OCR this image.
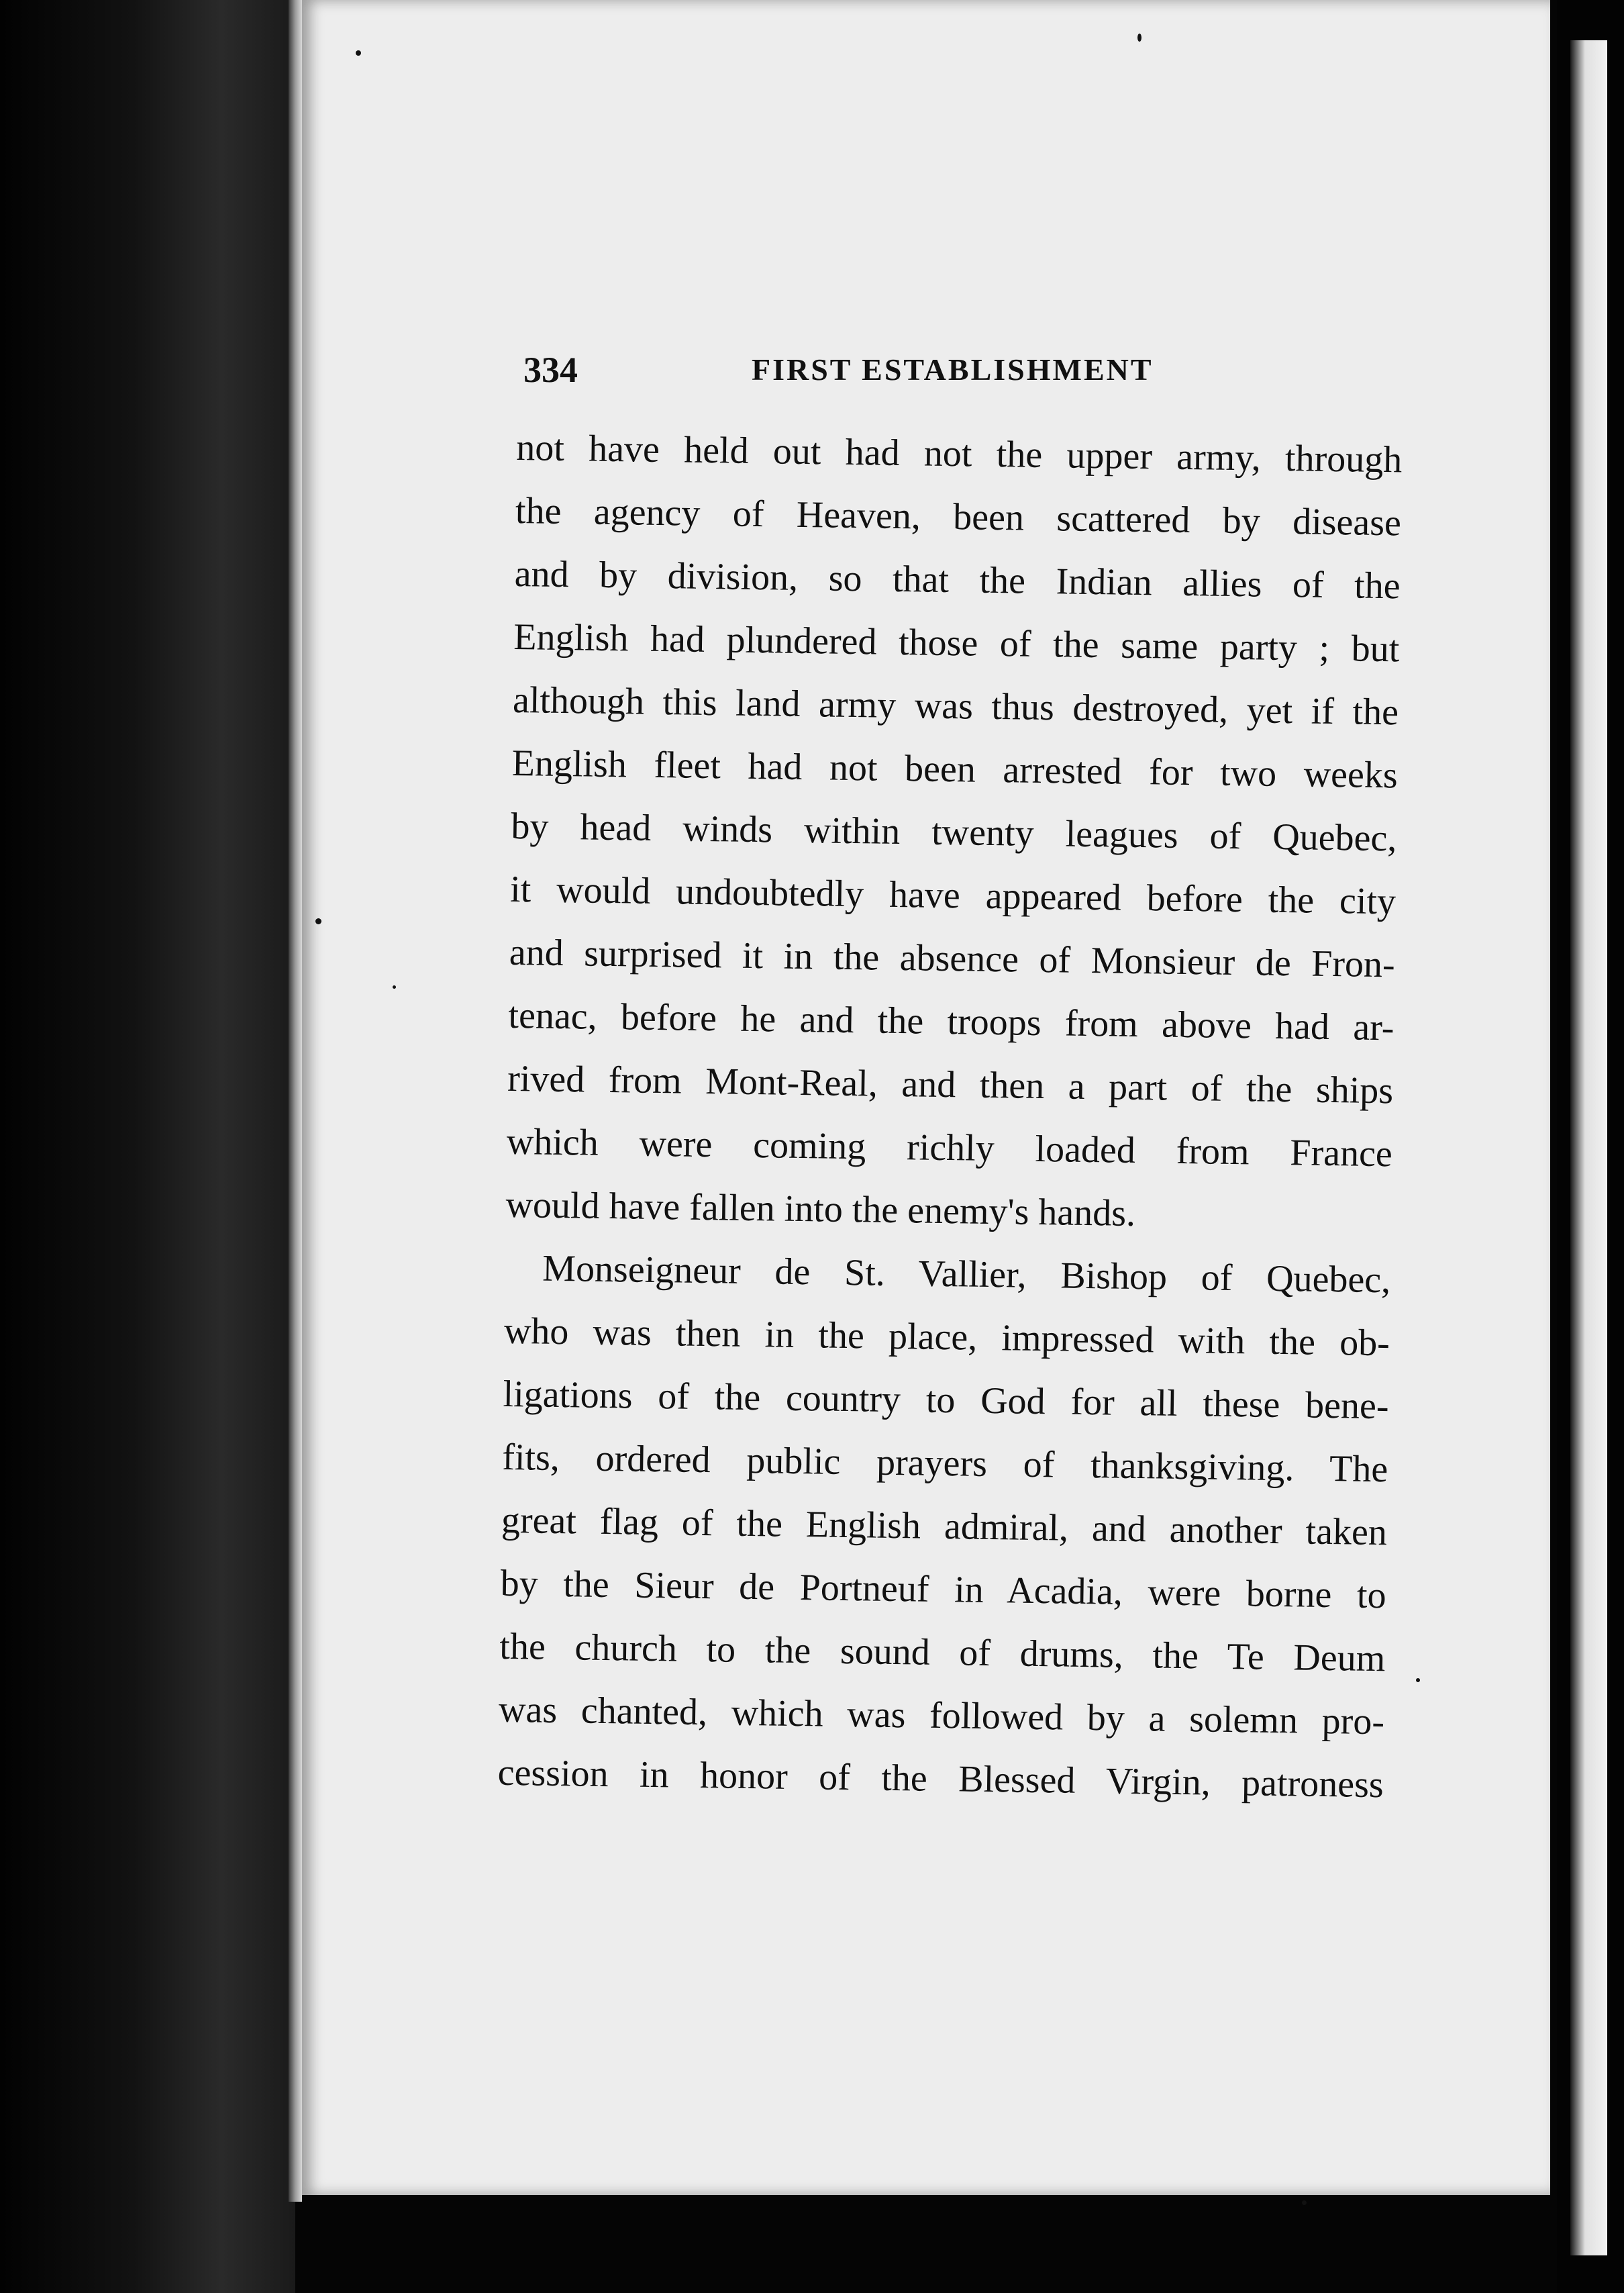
334	FIRST ESTABLISHMENT
not have held out had not the upper army, through
the agency of Heaven, been scattered by disease
and by division, so that the Indian allies of the
English had plundered those of the same party ; but
although this land army was thus destroyed, yet if the
English fleet had not been arrested for two weeks
by head winds within twenty leagues of Quebec,
it would undoubtedly have appeared before the city
and surprised it in the absence of Monsieur de Fron-
tenac, before he and the troops from above had ar-
rived from Mont-Real, and then a part of the ships
which were coming richly loaded from France
would have fallen into the enemy's hands.
Monseigneur de St. Vallier, Bishop of Quebec,
who was then in the place, impressed with the ob-
ligations of the country to God for all these bene-
fits, ordered public prayers of thanksgiving. The
great flag of the English admiral, and another taken
by the Sieur de Portneuf in Acadia, were borne to
the church to the sound of drums, the Te Deum
was chanted, which was followed by a solemn pro-
cession in honor of the Blessed Virgin, patroness
